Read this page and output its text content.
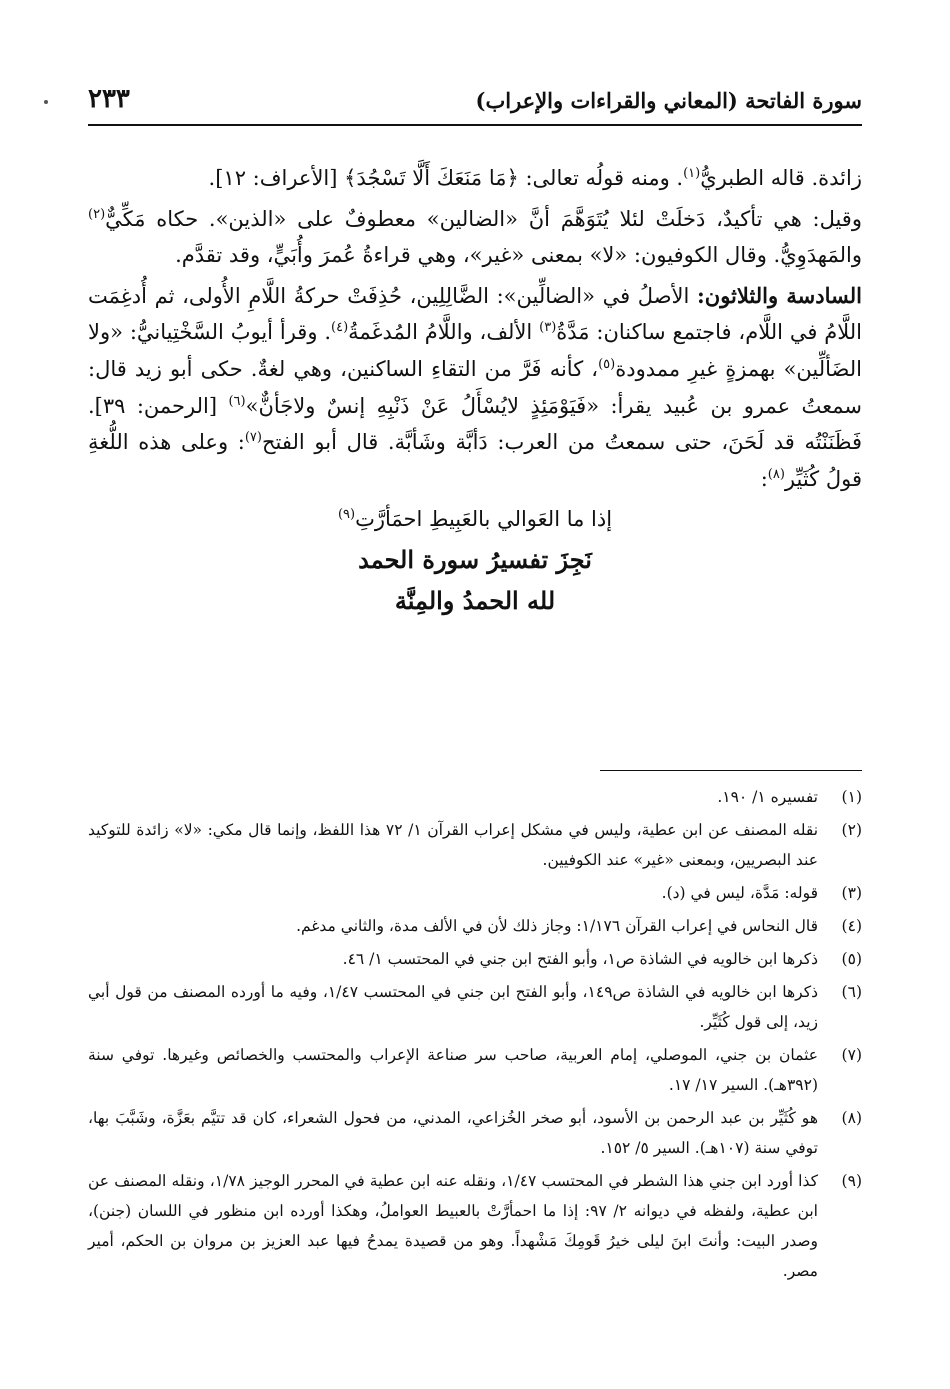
سورة الفاتحة (المعاني والقراءات والإعراب)
٢٣٣

زائدة. قاله الطبريُّ$^{(١)}$. ومنه قولُه تعالى: ﴿مَا مَنَعَكَ أَلَّا تَسْجُدَ﴾ [الأعراف: ١٢].

وقيل: هي تأكيدٌ، دَخلَتْ لئلا يُتَوَهَّمَ أنَّ «الضالين» معطوفٌ على «الذين». حكاه مَكِّيٌّ$^{(٢)}$ والمَهدَوِيُّ. وقال الكوفيون: «لا» بمعنى «غير»، وهي قراءةُ عُمرَ وأُبَيٍّ، وقد تقدَّم.

السادسة والثلاثون: الأصلُ في «الضالِّين»: الضَّالِلِين، حُذِفَتْ حركةُ اللَّامِ الأُولى، ثم أُدغِمَت اللَّامُ في اللَّام، فاجتمع ساكنان: مَدَّةُ$^{(٣)}$ الألف، واللَّامُ المُدغَمةُ$^{(٤)}$. وقرأ أيوبُ السَّخْتِيانيُّ: «ولا الضَألِّين» بهمزةٍ غيرِ ممدودة$^{(٥)}$، كأنه فَرَّ من التقاءِ الساكنين، وهي لغةٌ. حكى أبو زيد قال: سمعتُ عمرو بن عُبيد يقرأ: «فَيَوْمَئِذٍ لايُسْأَلُ عَنْ ذَنْبِهِ إنسٌ ولاجَأنٌّ»$^{(٦)}$ [الرحمن: ٣٩]. فَظَنَنْتُه قد لَحَنَ، حتى سمعتُ من العرب: دَأبَّة وشَأبَّة. قال أبو الفتح$^{(٧)}$: وعلى هذه اللُّغةِ قولُ كُثَيِّر$^{(٨)}$:

إذا ما العَوالي بالعَبِيطِ احمَأرَّتِ$^{(٩)}$

نَجِزَ تفسيرُ سورة الحمد

لله الحمدُ والمِنَّة

(١)
تفسيره ١/ ١٩٠.
(٢)
نقله المصنف عن ابن عطية، وليس في مشكل إعراب القرآن ١/ ٧٢ هذا اللفظ، وإنما قال مكي: «لا» زائدة للتوكيد عند البصريين، وبمعنى «غير» عند الكوفيين.
(٣)
قوله: مَدَّة، ليس في (د).
(٤)
قال النحاس في إعراب القرآن ١/١٧٦: وجاز ذلك لأن في الألف مدة، والثاني مدغم.
(٥)
ذكرها ابن خالويه في الشاذة ص١، وأبو الفتح ابن جني في المحتسب ١/ ٤٦.
(٦)
ذكرها ابن خالويه في الشاذة ص١٤٩، وأبو الفتح ابن جني في المحتسب ١/٤٧، وفيه ما أورده المصنف من قول أبي زيد، إلى قول كُثَيِّر.
(٧)
عثمان بن جني، الموصلي، إمام العربية، صاحب سر صناعة الإعراب والمحتسب والخصائص وغيرها. توفي سنة (٣٩٢هـ). السير ١٧/ ١٧.
(٨)
هو كُثَيِّر بن عبد الرحمن بن الأسود، أبو صخر الخُزاعي، المدني، من فحول الشعراء، كان قد تتيَّم بعَزَّة، وشَبَّبَ بها، توفي سنة (١٠٧هـ). السير ٥/ ١٥٢.
(٩)
كذا أورد ابن جني هذا الشطر في المحتسب ١/٤٧، ونقله عنه ابن عطية في المحرر الوجيز ١/٧٨، ونقله المصنف عن ابن عطية، ولفظه في ديوانه ٢/ ٩٧: إذا ما احمأرَّتْ بالعبيط العواملُ، وهكذا أورده ابن منظور في اللسان (جنن)، وصدر البيت: وأنتَ ابنَ ليلى خيرُ قَومِكَ مَشْهداً. وهو من قصيدة يمدحُ فيها عبد العزيز بن مروان بن الحكم، أمير مصر.
